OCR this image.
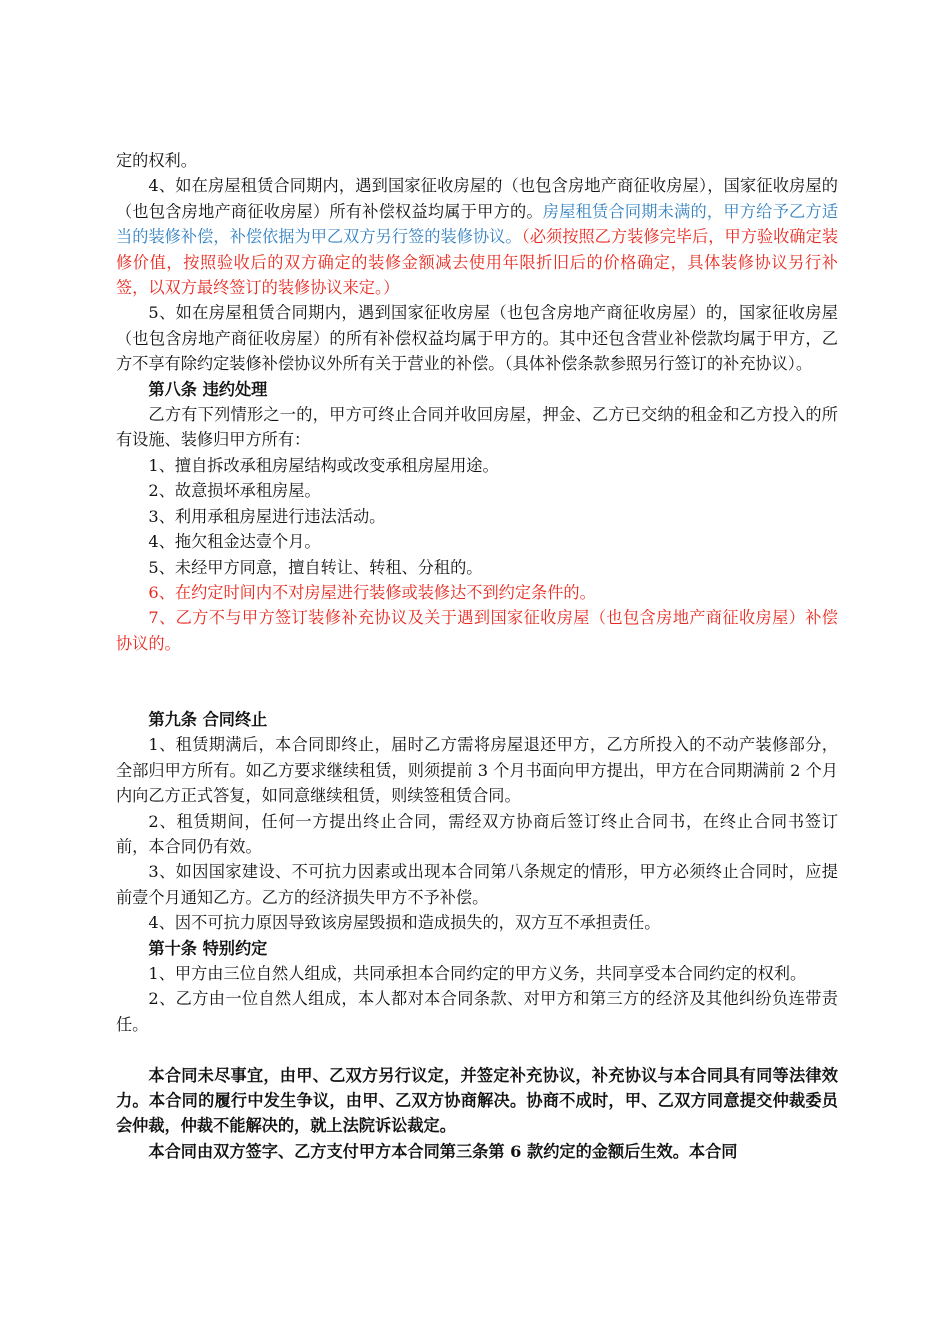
定的权利。

4、如在房屋租赁合同期内，遇到国家征收房屋的（也包含房地产商征收房屋），国家征收房屋的（也包含房地产商征收房屋）所有补偿权益均属于甲方的。房屋租赁合同期未满的，甲方给予乙方适当的装修补偿，补偿依据为甲乙双方另行签的装修协议。（必须按照乙方装修完毕后，甲方验收确定装修价值，按照验收后的双方确定的装修金额减去使用年限折旧后的价格确定，具体装修协议另行补签，以双方最终签订的装修协议来定。）

5、如在房屋租赁合同期内，遇到国家征收房屋（也包含房地产商征收房屋）的，国家征收房屋（也包含房地产商征收房屋）的所有补偿权益均属于甲方的。其中还包含营业补偿款均属于甲方，乙方不享有除约定装修补偿协议外所有关于营业的补偿。（具体补偿条款参照另行签订的补充协议）。

第八条 违约处理

乙方有下列情形之一的，甲方可终止合同并收回房屋，押金、乙方已交纳的租金和乙方投入的所有设施、装修归甲方所有：

1、擅自拆改承租房屋结构或改变承租房屋用途。

2、故意损坏承租房屋。

3、利用承租房屋进行违法活动。

4、拖欠租金达壹个月。

5、未经甲方同意，擅自转让、转租、分租的。

6、在约定时间内不对房屋进行装修或装修达不到约定条件的。

7、乙方不与甲方签订装修补充协议及关于遇到国家征收房屋（也包含房地产商征收房屋）补偿协议的。

第九条 合同终止

1、租赁期满后，本合同即终止，届时乙方需将房屋退还甲方，乙方所投入的不动产装修部分，全部归甲方所有。如乙方要求继续租赁，则须提前 3 个月书面向甲方提出，甲方在合同期满前 2 个月内向乙方正式答复，如同意继续租赁，则续签租赁合同。

2、租赁期间，任何一方提出终止合同，需经双方协商后签订终止合同书，在终止合同书签订前，本合同仍有效。

3、如因国家建设、不可抗力因素或出现本合同第八条规定的情形，甲方必须终止合同时，应提前壹个月通知乙方。乙方的经济损失甲方不予补偿。

4、因不可抗力原因导致该房屋毁损和造成损失的，双方互不承担责任。

第十条 特别约定

1、甲方由三位自然人组成，共同承担本合同约定的甲方义务，共同享受本合同约定的权利。

2、乙方由一位自然人组成，本人都对本合同条款、对甲方和第三方的经济及其他纠纷负连带责任。

本合同未尽事宜，由甲、乙双方另行议定，并签定补充协议，补充协议与本合同具有同等法律效力。本合同的履行中发生争议，由甲、乙双方协商解决。协商不成时，甲、乙双方同意提交仲裁委员会仲裁，仲裁不能解决的，就上法院诉讼裁定。

本合同由双方签字、乙方支付甲方本合同第三条第 6 款约定的金额后生效。本合同
